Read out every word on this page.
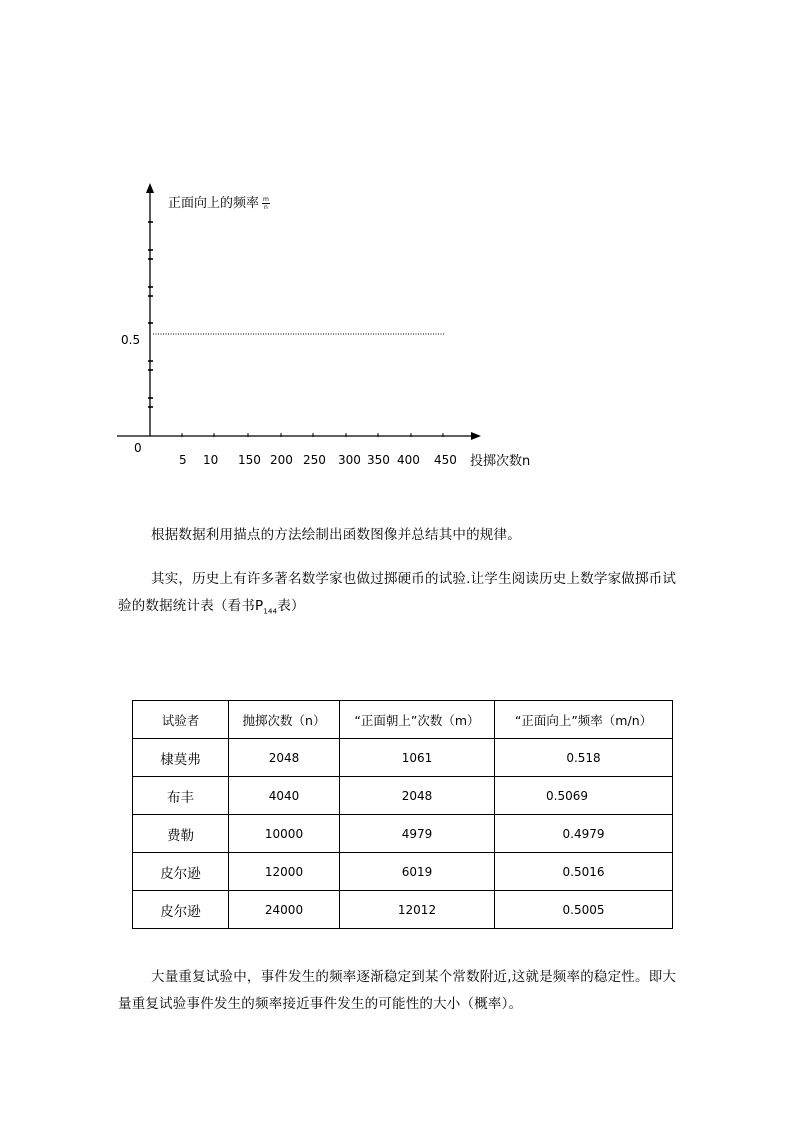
0.5
0
5 10 150 200 250 300 350 400 450 投掷次数n
正面向上的频率 $\frac{m}{n}$
根据数据利用描点的方法绘制出函数图像并总结其中的规律。
其实，历史上有许多著名数学家也做过掷硬币的试验.让学生阅读历史上数学家做掷币试验的数据统计表（看书$P_{144}$表）
试验者	抛掷次数（n）	“正面朝上”次数（m）	“正面向上”频率（m/n）
棣莫弗	2048	1061	0.518
布丰	4040	2048	0.5069
费勒	10000	4979	0.4979
皮尔逊	12000	6019	0.5016
皮尔逊	24000	12012	0.5005
大量重复试验中，事件发生的频率逐渐稳定到某个常数附近,这就是频率的稳定性。即大量重复试验事件发生的频率接近事件发生的可能性的大小（概率）。
